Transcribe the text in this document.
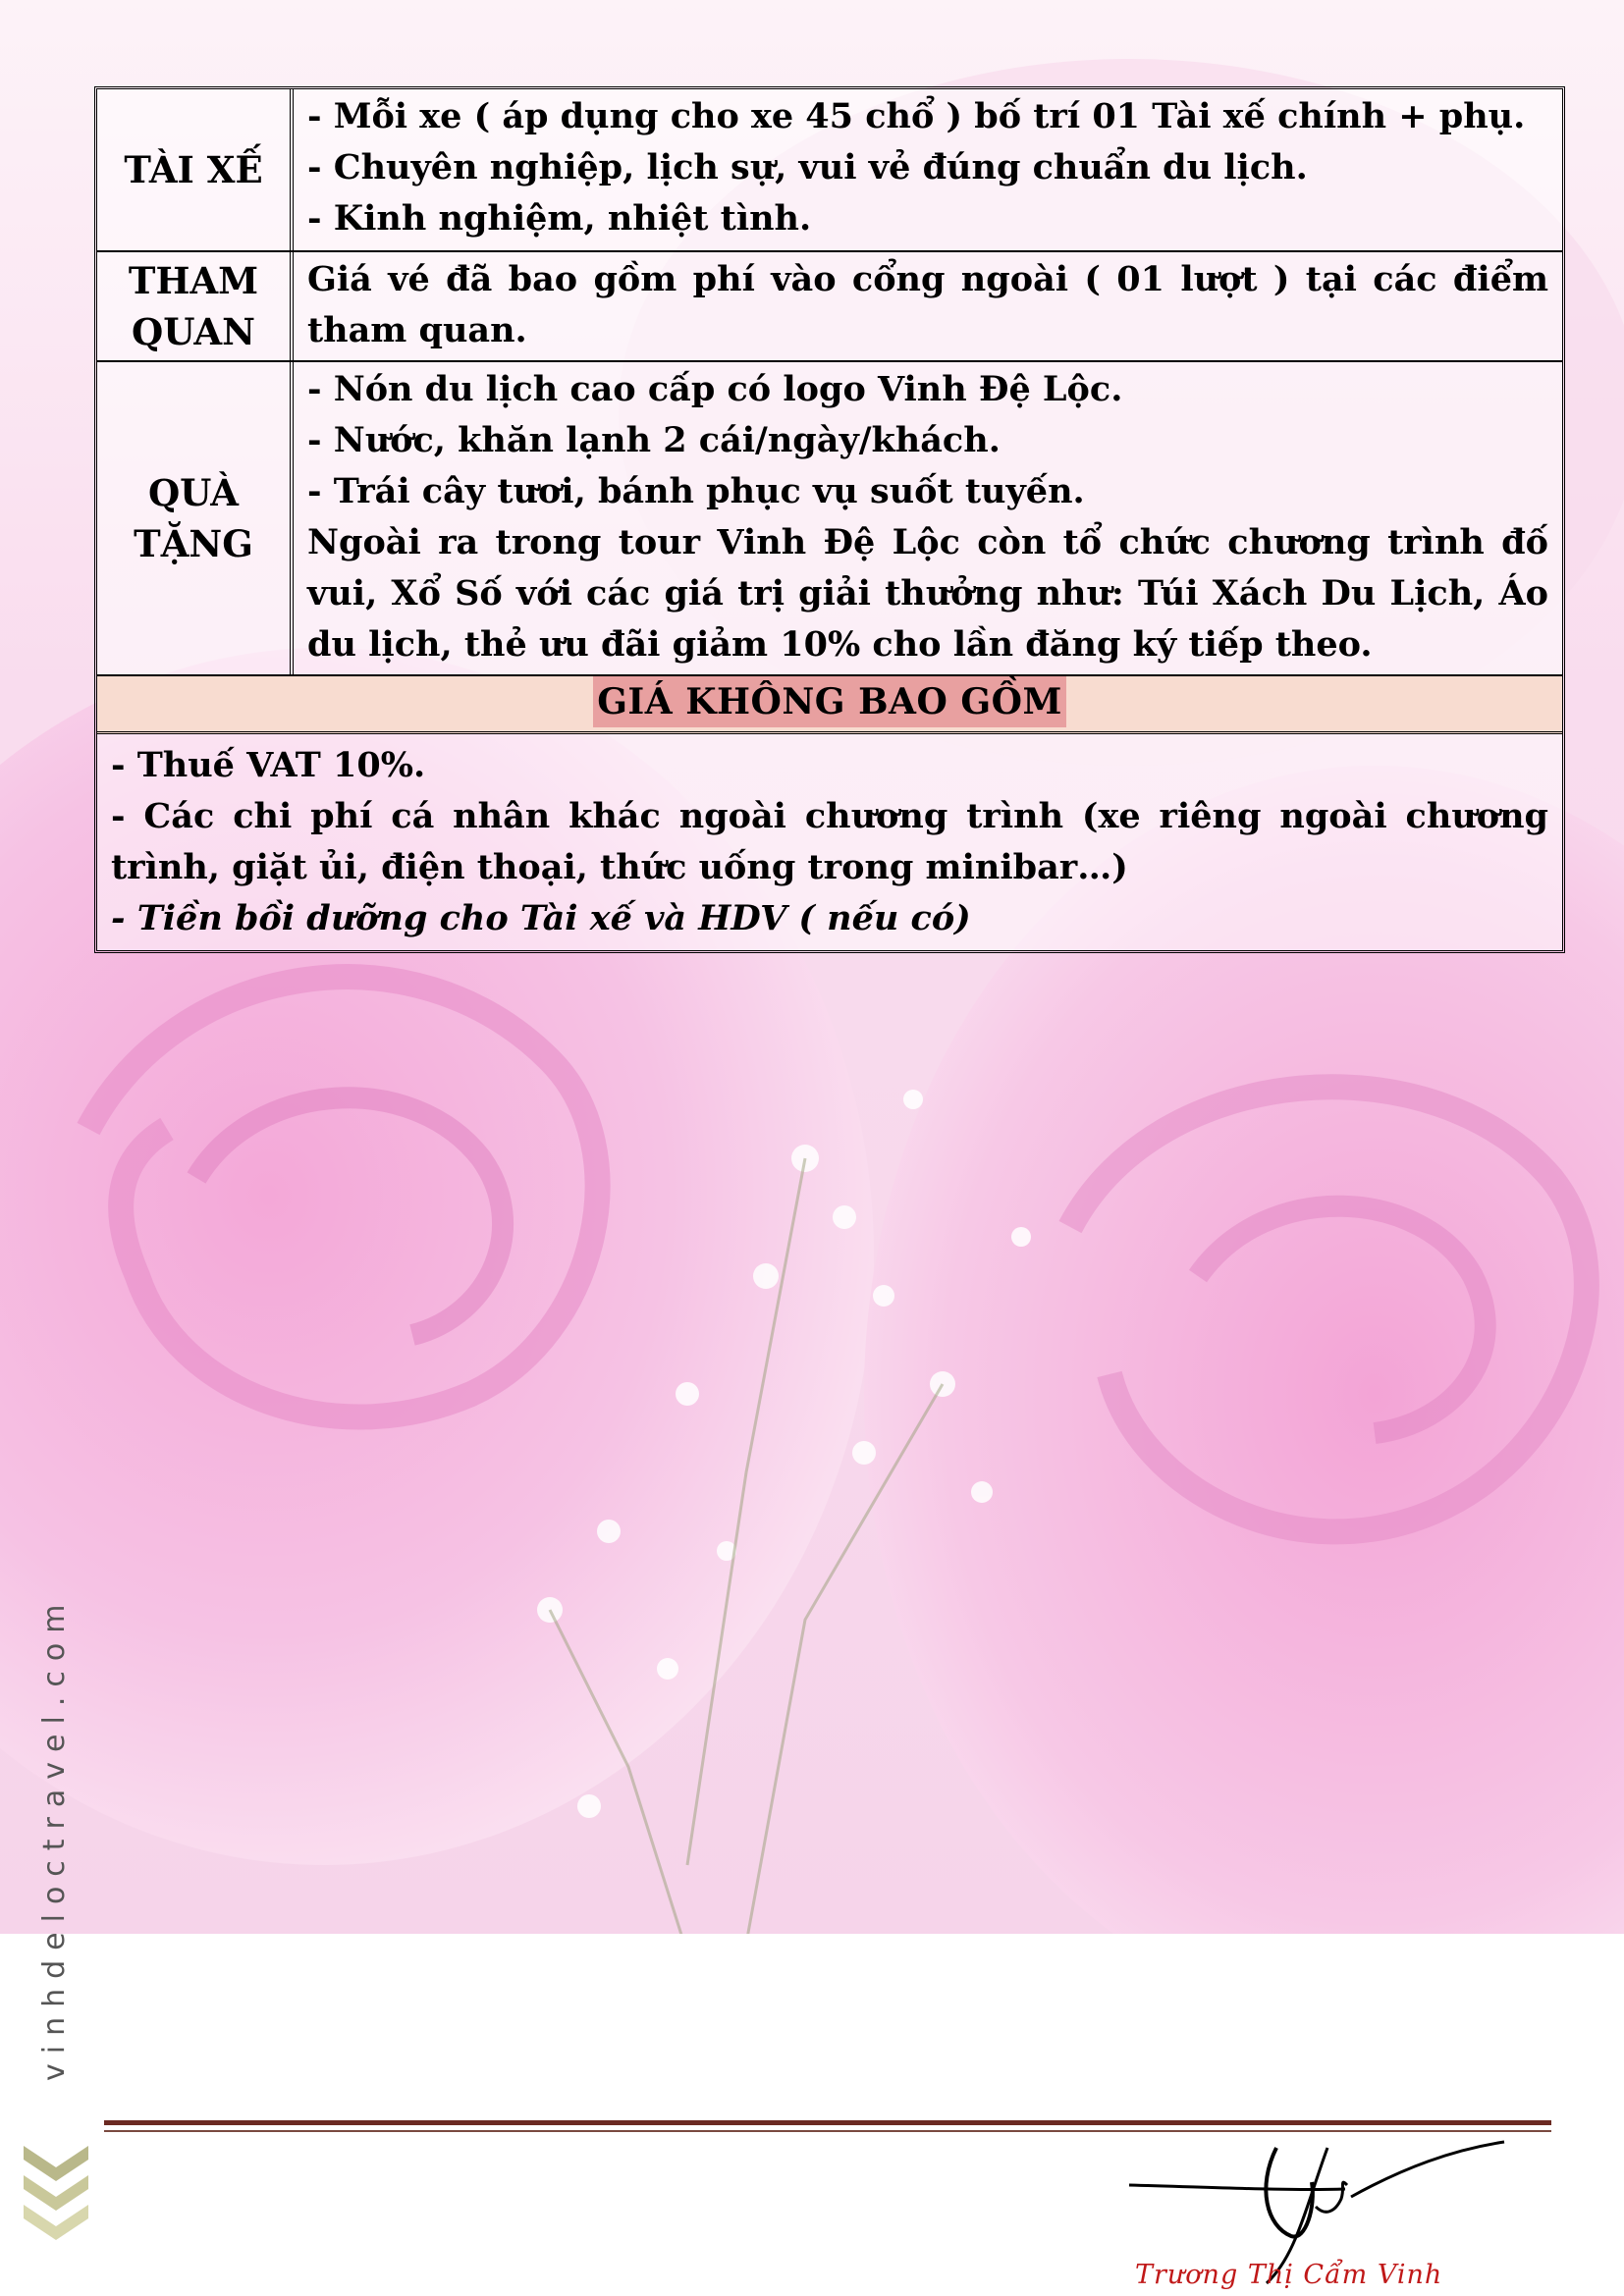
TÀI XẾ

- Mỗi xe ( áp dụng cho xe 45 chổ ) bố trí 01 Tài xế chính + phụ.

- Chuyên nghiệp, lịch sự, vui vẻ đúng chuẩn du lịch.

- Kinh nghiệm, nhiệt tình.

THAM
QUAN

Giá vé đã bao gồm phí vào cổng ngoài ( 01 lượt ) tại các điểm tham quan.

QUÀ
TẶNG

- Nón du lịch cao cấp có logo Vinh Đệ Lộc.

- Nước, khăn lạnh 2 cái/ngày/khách.

- Trái cây tươi, bánh phục vụ suốt tuyến.

Ngoài ra trong tour Vinh Đệ Lộc còn tổ chức chương trình đố vui, Xổ Số với các giá trị giải thưởng như: Túi Xách Du Lịch, Áo du lịch, thẻ ưu đãi giảm 10% cho lần đăng ký tiếp theo.

GIÁ KHÔNG BAO GỒM

- Thuế VAT 10%.

- Các chi phí cá nhân khác ngoài chương trình (xe riêng ngoài chương trình, giặt ủi, điện thoại, thức uống trong minibar…)

- Tiền bồi dưỡng cho Tài xế và HDV ( nếu có)

vinhdeloctravel.com
Trương Thị Cẩm Vinh
